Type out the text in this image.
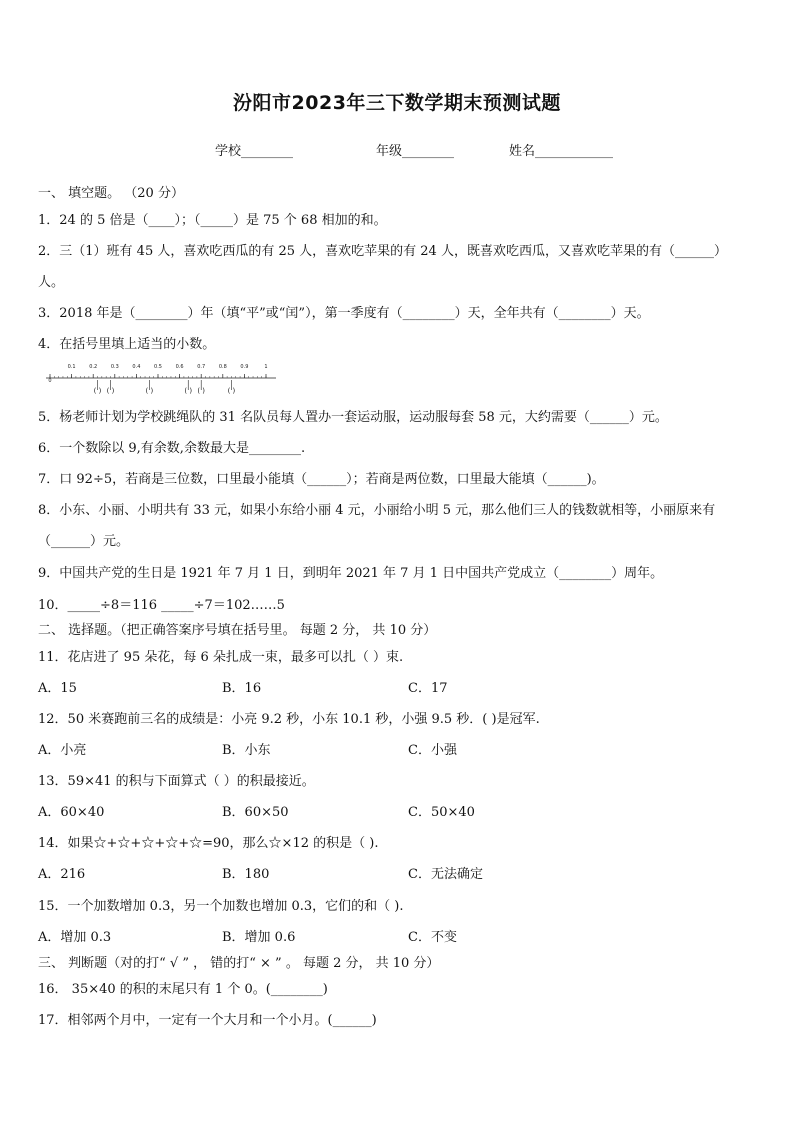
汾阳市2023年三下数学期末预测试题
学校________	年级________	姓名____________
一、 填空题。 （20 分）
1．24 的 5 倍是（____）；（_____）是 75 个 68 相加的和。
2．三（1）班有 45 人，喜欢吃西瓜的有 25 人，喜欢吃苹果的有 24 人，既喜欢吃西瓜，又喜欢吃苹果的有（______）
人。
3．2018 年是（________）年（填“平”或“闰”），第一季度有（________）天，全年共有（________）天。
4．在括号里填上适当的小数。
0
0.1	0.2	0.3	0.4	0.5	0.6	0.7	0.8	0.9	1
( ) ( )	( )	( ) ( )	( )
5．杨老师计划为学校跳绳队的 31 名队员每人置办一套运动服，运动服每套 58 元，大约需要（______）元。
6．一个数除以 9,有余数,余数最大是________.
7．口 92÷5，若商是三位数，口里最小能填（______）；若商是两位数，口里最大能填（______)。
8．小东、小丽、小明共有 33 元，如果小东给小丽 4 元，小丽给小明 5 元，那么他们三人的钱数就相等，小丽原来有
（______）元。
9．中国共产党的生日是 1921 年 7 月 1 日，到明年 2021 年 7 月 1 日中国共产党成立（________）周年。
10．_____÷8＝116 _____÷7＝102……5
二、 选择题。（把正确答案序号填在括号里。 每题 2 分， 共 10 分）
11．花店进了 95 朵花，每 6 朵扎成一束，最多可以扎（ ）束.
A．15	B．16	C．17
12．50 米赛跑前三名的成绩是：小亮 9.2 秒，小东 10.1 秒，小强 9.5 秒．( )是冠军.
A．小亮	B．小东	C．小强
13．59×41 的积与下面算式（ ）的积最接近。
A．60×40	B．60×50	C．50×40
14．如果☆+☆+☆+☆+☆=90，那么☆×12 的积是（ ).
A．216	B．180	C．无法确定
15．一个加数增加 0.3，另一个加数也增加 0.3，它们的和（ ).
A．增加 0.3	B．增加 0.6	C．不变
三、 判断题（对的打“ √ ” ， 错的打“ × ” 。 每题 2 分， 共 10 分）
16． 35×40 的积的末尾只有 1 个 0。(________)
17．相邻两个月中，一定有一个大月和一个小月。(______)
